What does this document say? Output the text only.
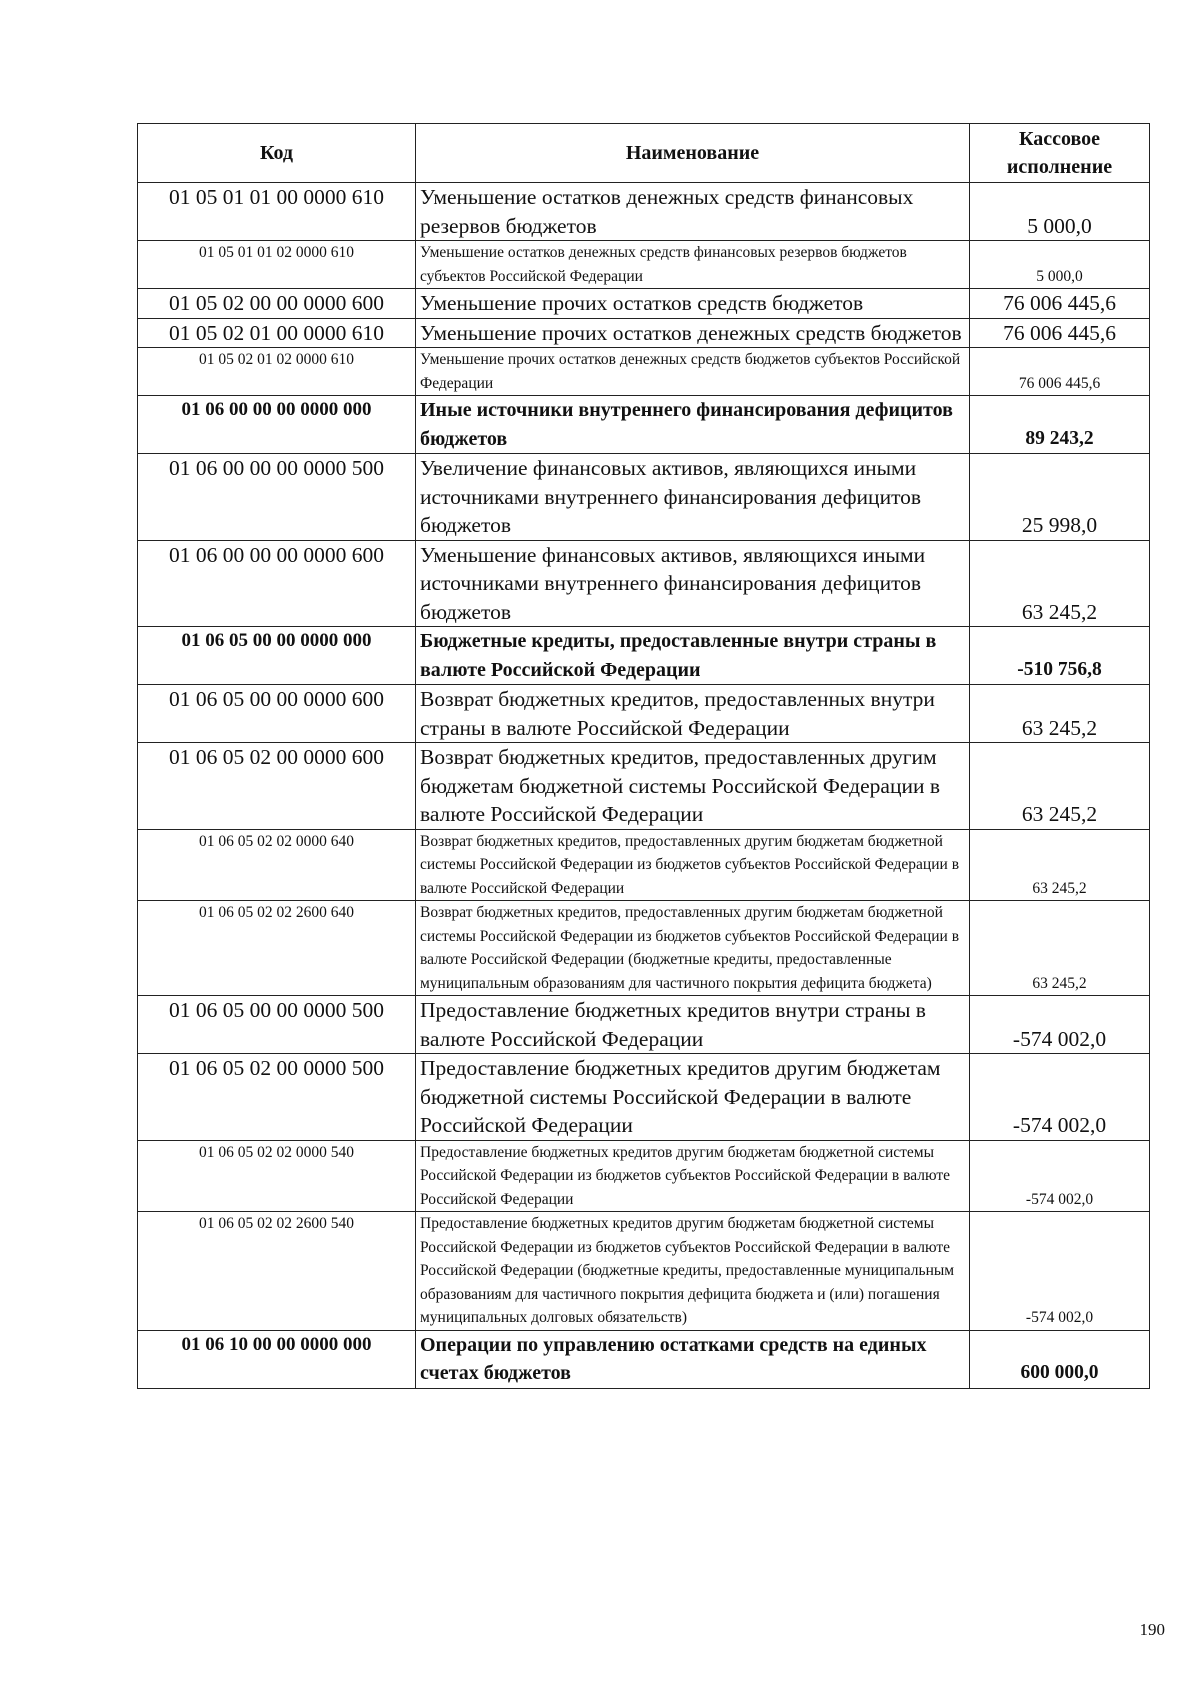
Код	Наименование	Кассовое исполнение
01 05 01 01 00 0000 610	Уменьшение остатков денежных средств финансовых резервов бюджетов	5 000,0
01 05 01 01 02 0000 610	Уменьшение остатков денежных средств финансовых резервов бюджетов субъектов Российской Федерации	5 000,0
01 05 02 00 00 0000 600	Уменьшение прочих остатков средств бюджетов	76 006 445,6
01 05 02 01 00 0000 610	Уменьшение прочих остатков денежных средств бюджетов	76 006 445,6
01 05 02 01 02 0000 610	Уменьшение прочих остатков денежных средств бюджетов субъектов Российской Федерации	76 006 445,6
01 06 00 00 00 0000 000	Иные источники внутреннего финансирования дефицитов бюджетов	89 243,2
01 06 00 00 00 0000 500	Увеличение финансовых активов, являющихся иными источниками внутреннего финансирования дефицитов бюджетов	25 998,0
01 06 00 00 00 0000 600	Уменьшение финансовых активов, являющихся иными источниками внутреннего финансирования дефицитов бюджетов	63 245,2
01 06 05 00 00 0000 000	Бюджетные кредиты, предоставленные внутри страны в валюте Российской Федерации	-510 756,8
01 06 05 00 00 0000 600	Возврат бюджетных кредитов, предоставленных внутри страны в валюте Российской Федерации	63 245,2
01 06 05 02 00 0000 600	Возврат бюджетных кредитов, предоставленных другим бюджетам бюджетной системы Российской Федерации в валюте Российской Федерации	63 245,2
01 06 05 02 02 0000 640	Возврат бюджетных кредитов, предоставленных другим бюджетам бюджетной системы Российской Федерации из бюджетов субъектов Российской Федерации в валюте Российской Федерации	63 245,2
01 06 05 02 02 2600 640	Возврат бюджетных кредитов, предоставленных другим бюджетам бюджетной системы Российской Федерации из бюджетов субъектов Российской Федерации в валюте Российской Федерации (бюджетные кредиты, предоставленные муниципальным образованиям для частичного покрытия дефицита бюджета)	63 245,2
01 06 05 00 00 0000 500	Предоставление бюджетных кредитов внутри страны в валюте Российской Федерации	-574 002,0
01 06 05 02 00 0000 500	Предоставление бюджетных кредитов другим бюджетам бюджетной системы Российской Федерации в валюте Российской Федерации	-574 002,0
01 06 05 02 02 0000 540	Предоставление бюджетных кредитов другим бюджетам бюджетной системы Российской Федерации из бюджетов субъектов Российской Федерации в валюте Российской Федерации	-574 002,0
01 06 05 02 02 2600 540	Предоставление бюджетных кредитов другим бюджетам бюджетной системы Российской Федерации из бюджетов субъектов Российской Федерации в валюте Российской Федерации (бюджетные кредиты, предоставленные муниципальным образованиям для частичного покрытия дефицита бюджета и (или) погашения муниципальных долговых обязательств)	-574 002,0
01 06 10 00 00 0000 000	Операции по управлению остатками средств на единых счетах бюджетов	600 000,0
190
